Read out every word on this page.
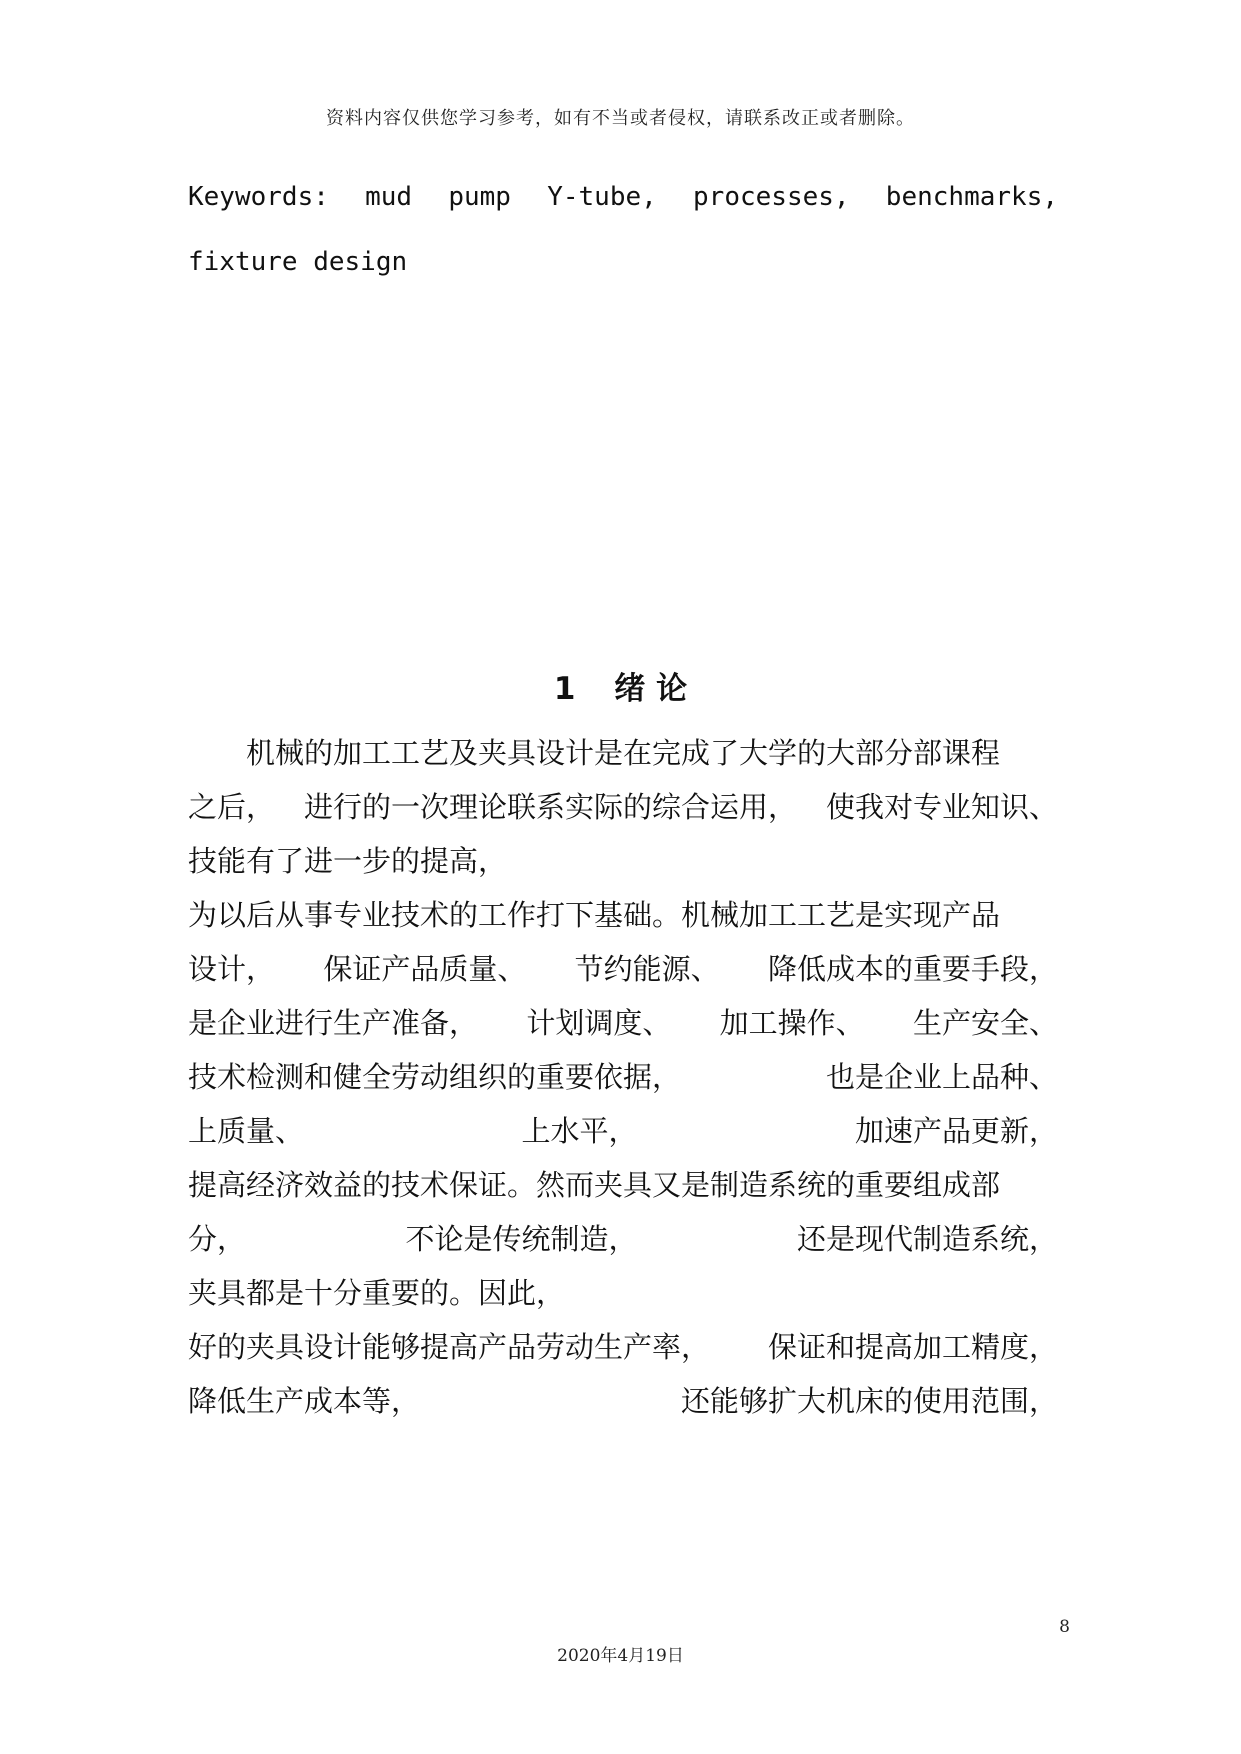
资料内容仅供您学习参考，如有不当或者侵权，请联系改正或者删除。
Keywords: mud pump Y-tube, processes, benchmarks, fixture design
1 绪 论
机械的加工工艺及夹具设计是在完成了大学的大部分部课程
之后， 进行的一次理论联系实际的综合运用， 使我对专业知识、
技能有了进一步的提高，
为以后从事专业技术的工作打下基础。机械加工工艺是实现产品
设计， 保证产品质量、 节约能源、 降低成本的重要手段，
是企业进行生产准备， 计划调度、 加工操作、 生产安全、
技术检测和健全劳动组织的重要依据，	也是企业上品种、
上质量、	上水平，	加速产品更新，
提高经济效益的技术保证。然而夹具又是制造系统的重要组成部
分，	不论是传统制造，	还是现代制造系统，
夹具都是十分重要的。因此，
好的夹具设计能够提高产品劳动生产率， 保证和提高加工精度，
降低生产成本等，	还能够扩大机床的使用范围，
8
2020年4月19日
